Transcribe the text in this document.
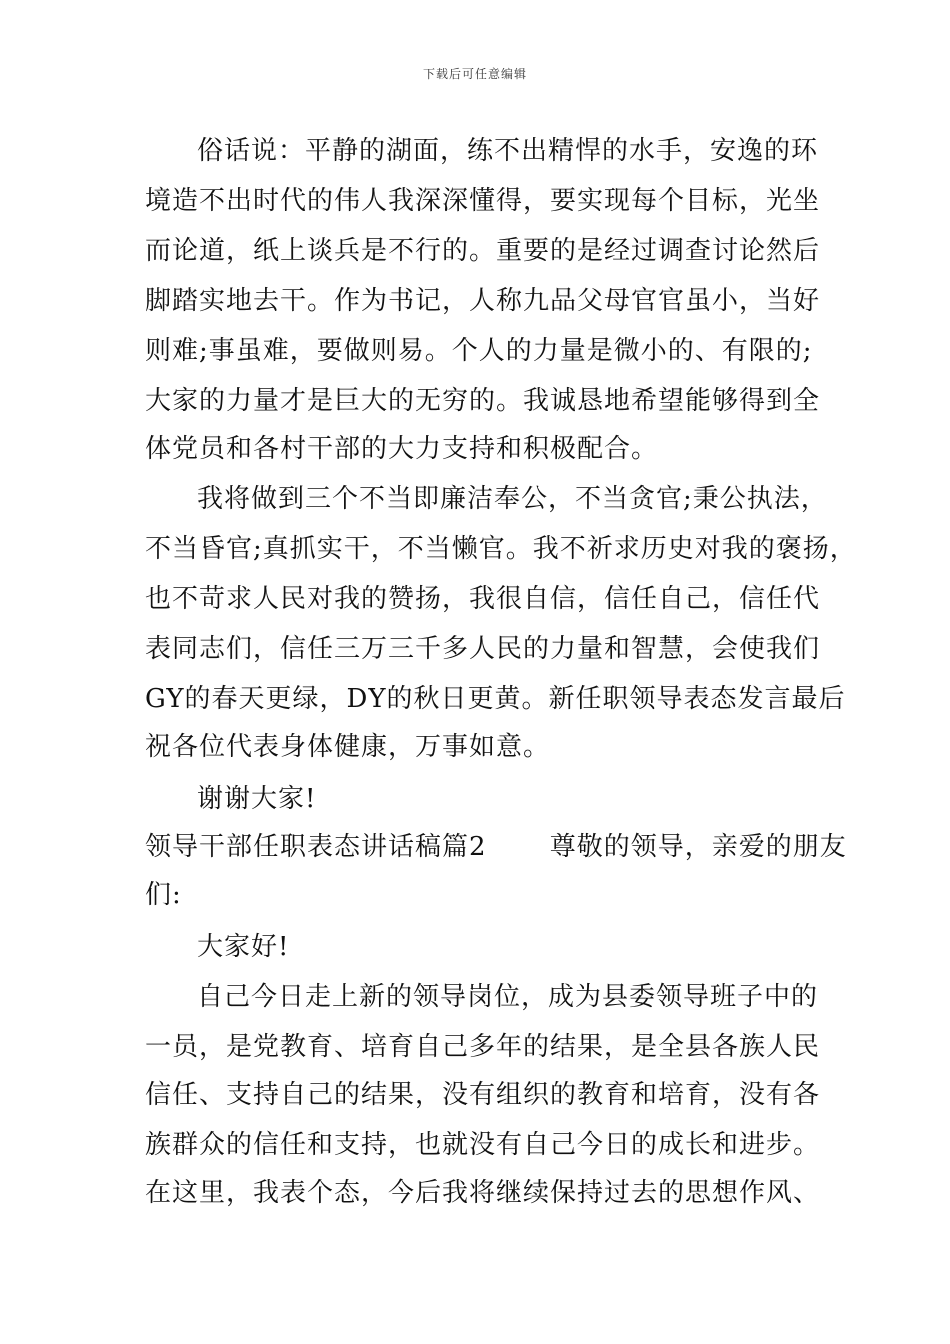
下载后可任意编辑
俗话说：平静的湖面，练不出精悍的水手，安逸的环
境造不出时代的伟人我深深懂得，要实现每个目标，光坐
而论道，纸上谈兵是不行的。重要的是经过调查讨论然后
脚踏实地去干。作为书记，人称九品父母官官虽小，当好
则难;事虽难，要做则易。个人的力量是微小的、有限的;
大家的力量才是巨大的无穷的。我诚恳地希望能够得到全
体党员和各村干部的大力支持和积极配合。
我将做到三个不当即廉洁奉公，不当贪官;秉公执法，
不当昏官;真抓实干，不当懒官。我不祈求历史对我的褒扬，
也不苛求人民对我的赞扬，我很自信，信任自己，信任代
表同志们，信任三万三千多人民的力量和智慧，会使我们
GY的春天更绿，DY的秋日更黄。新任职领导表态发言最后
祝各位代表身体健康，万事如意。
谢谢大家!
领导干部任职表态讲话稿篇2　　 尊敬的领导，亲爱的朋友
们:
大家好!
自己今日走上新的领导岗位，成为县委领导班子中的
一员，是党教育、培育自己多年的结果，是全县各族人民
信任、支持自己的结果，没有组织的教育和培育，没有各
族群众的信任和支持，也就没有自己今日的成长和进步。
在这里，我表个态，今后我将继续保持过去的思想作风、
